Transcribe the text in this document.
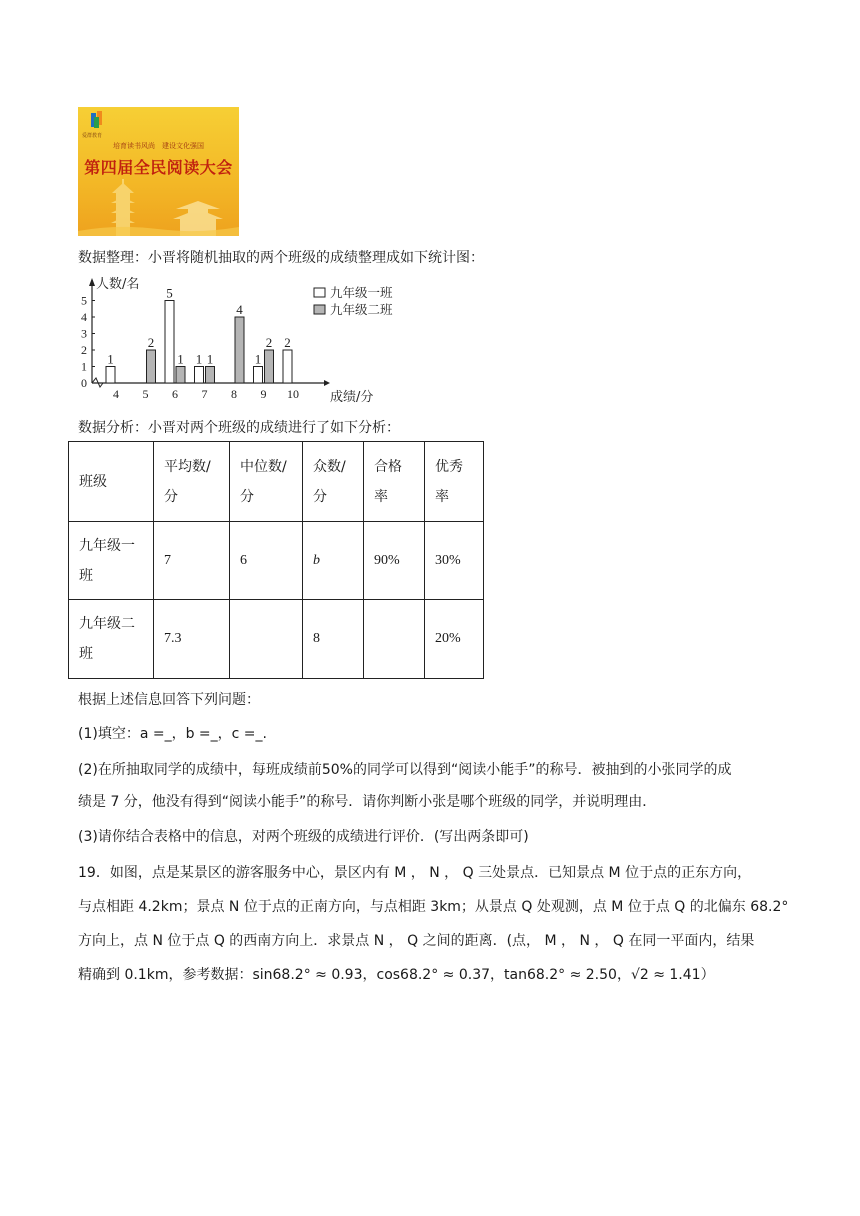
爱群教育
培育读书风尚　建设文化强国
第四届全民阅读大会
数据整理：小晋将随机抽取的两个班级的成绩整理成如下统计图：
人数/名
成绩/分
0
1
2
3
4
5
4
1
5
2
6
5
1
7
1 1
8
4
9
1
2
10
2
九年级一班
九年级二班
数据分析：小晋对两个班级的成绩进行了如下分析：
班级	平均数/分	中位数/分	众数/分	合格率	优秀率
九年级一班	7	6	b	90%	30%
九年级二班	7.3		8		20%
根据上述信息回答下列问题：
(1)填空：a =_，b =_，c =_.
(2)在所抽取同学的成绩中，每班成绩前50%的同学可以得到“阅读小能手”的称号．被抽到的小张同学的成
绩是 7 分，他没有得到“阅读小能手”的称号．请你判断小张是哪个班级的同学，并说明理由．
(3)请你结合表格中的信息，对两个班级的成绩进行评价．(写出两条即可)
19．如图，点是某景区的游客服务中心，景区内有 M ， N ， Q 三处景点．已知景点 M 位于点的正东方向，
与点相距 4.2km；景点 N 位于点的正南方向，与点相距 3km；从景点 Q 处观测，点 M 位于点 Q 的北偏东 68.2°
方向上，点 N 位于点 Q 的西南方向上．求景点 N ， Q 之间的距离．(点， M ， N ， Q 在同一平面内，结果
精确到 0.1km，参考数据：sin68.2° ≈ 0.93，cos68.2° ≈ 0.37，tan68.2° ≈ 2.50，√2 ≈ 1.41）
